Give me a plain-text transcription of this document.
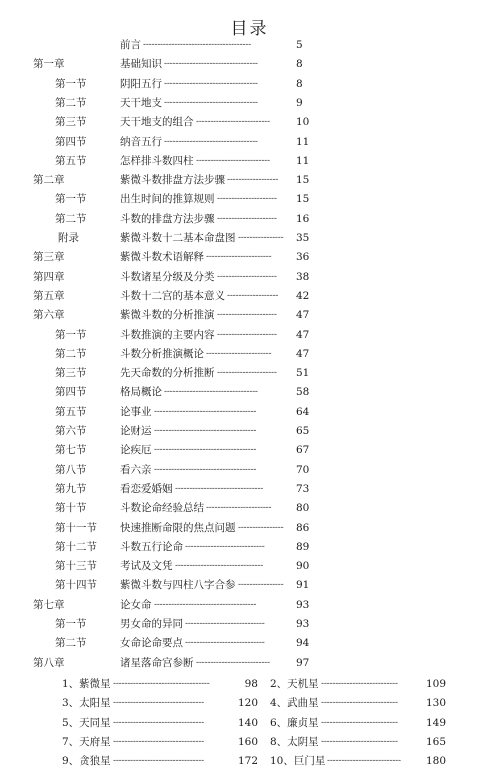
目录
前言 --------------------------------------	5
第一章	基础知识 ---------------------------------	8
第一节	阴阳五行 ---------------------------------	8
第二节	天干地支 ---------------------------------	9
第三节	天干地支的组合 --------------------------	10
第四节	纳音五行 ---------------------------------	11
第五节	怎样排斗数四柱 --------------------------	11
第二章	紫微斗数排盘方法步骤 ------------------	15
第一节	出生时间的推算规则 ---------------------	15
第二节	斗数的排盘方法步骤 ---------------------	16
附录	紫微斗数十二基本命盘图 ----------------	35
第三章	紫微斗数术语解释 -----------------------	36
第四章	斗数诸星分级及分类 ---------------------	38
第五章	斗数十二宫的基本意义 ------------------	42
第六章	紫微斗数的分析推演 ---------------------	47
第一节	斗数推演的主要内容 ---------------------	47
第二节	斗数分析推演概论 -----------------------	47
第三节	先天命数的分析推断 ---------------------	51
第四节	格局概论 ---------------------------------	58
第五节	论事业 ------------------------------------	64
第六节	论财运 ------------------------------------	65
第七节	论疾厄 ------------------------------------	67
第八节	看六亲 ------------------------------------	70
第九节	看恋爱婚姻 -------------------------------	73
第十节	斗数论命经验总结 -----------------------	80
第十一节 快速推断命限的焦点问题 ----------------	86
第十二节 斗数五行论命 ----------------------------	89
第十三节 考试及文凭 -------------------------------	90
第十四节 紫微斗数与四柱八字合参 ----------------	91
第七章	论女命 ------------------------------------	93
第一节	男女命的异同 ----------------------------	93
第二节	女命论命要点 ----------------------------	94
第八章	诸星落命宫参断 --------------------------	97
1、紫微星 ----------------------------------	98 2、天机星 ---------------------------	109
3、太阳星 --------------------------------	120 4、武曲星 ---------------------------	130
5、天同星 --------------------------------	140 6、廉贞星 ---------------------------	149
7、天府星 --------------------------------	160 8、太阴星 ---------------------------	165
9、贪狼星 --------------------------------	172 10、巨门星 --------------------------	180
